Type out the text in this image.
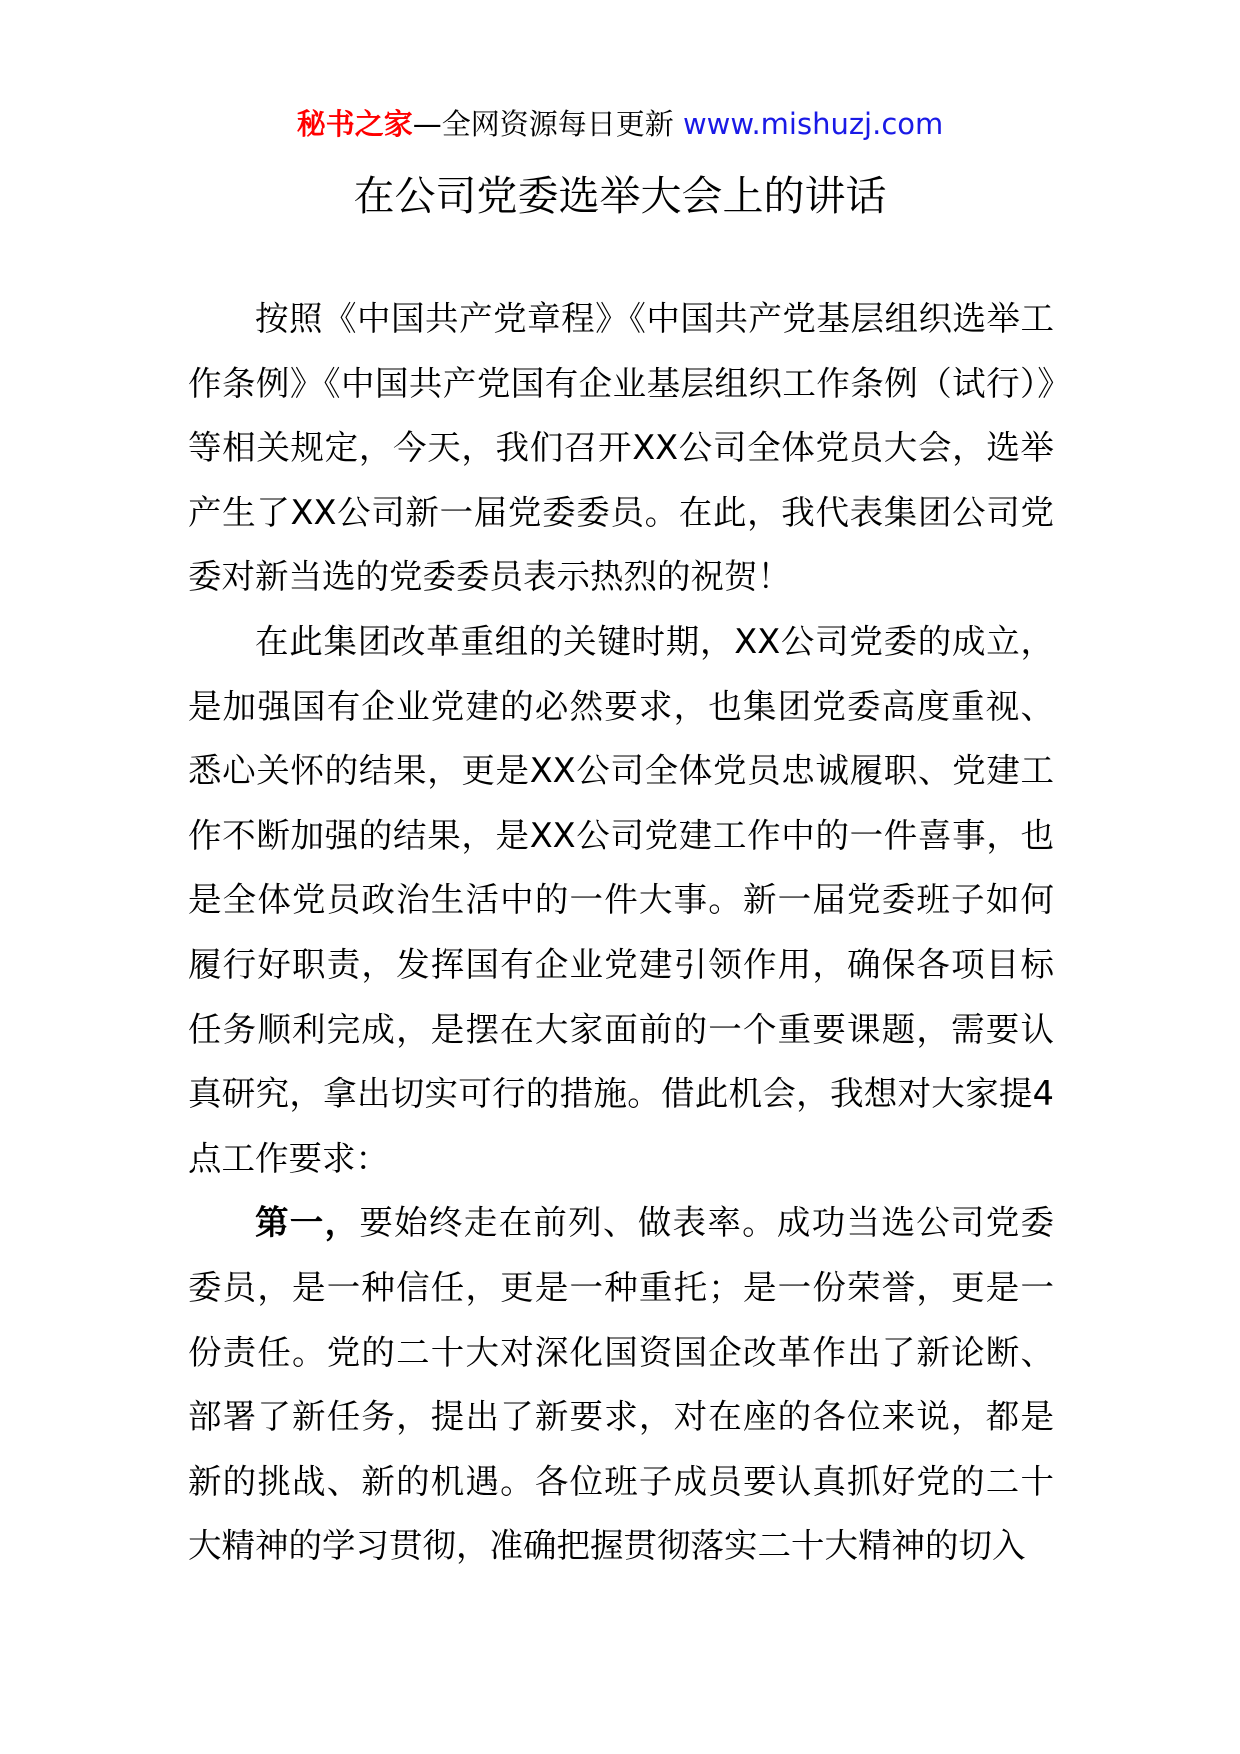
秘书之家—全网资源每日更新 www.mishuzj.com
在公司党委选举大会上的讲话

按照《中国共产党章程》《中国共产党基层组织选举工作条例》《中国共产党国有企业基层组织工作条例（试行）》等相关规定，今天，我们召开XX公司全体党员大会，选举产生了XX公司新一届党委委员。在此，我代表集团公司党委对新当选的党委委员表示热烈的祝贺！

在此集团改革重组的关键时期，XX公司党委的成立，是加强国有企业党建的必然要求，也集团党委高度重视、悉心关怀的结果，更是XX公司全体党员忠诚履职、党建工作不断加强的结果，是XX公司党建工作中的一件喜事，也是全体党员政治生活中的一件大事。新一届党委班子如何履行好职责，发挥国有企业党建引领作用，确保各项目标任务顺利完成，是摆在大家面前的一个重要课题，需要认真研究，拿出切实可行的措施。借此机会，我想对大家提4点工作要求：

第一，要始终走在前列、做表率。成功当选公司党委委员，是一种信任，更是一种重托；是一份荣誉，更是一份责任。党的二十大对深化国资国企改革作出了新论断、部署了新任务，提出了新要求，对在座的各位来说，都是新的挑战、新的机遇。各位班子成员要认真抓好党的二十大精神的学习贯彻，准确把握贯彻落实二十大精神的切入
